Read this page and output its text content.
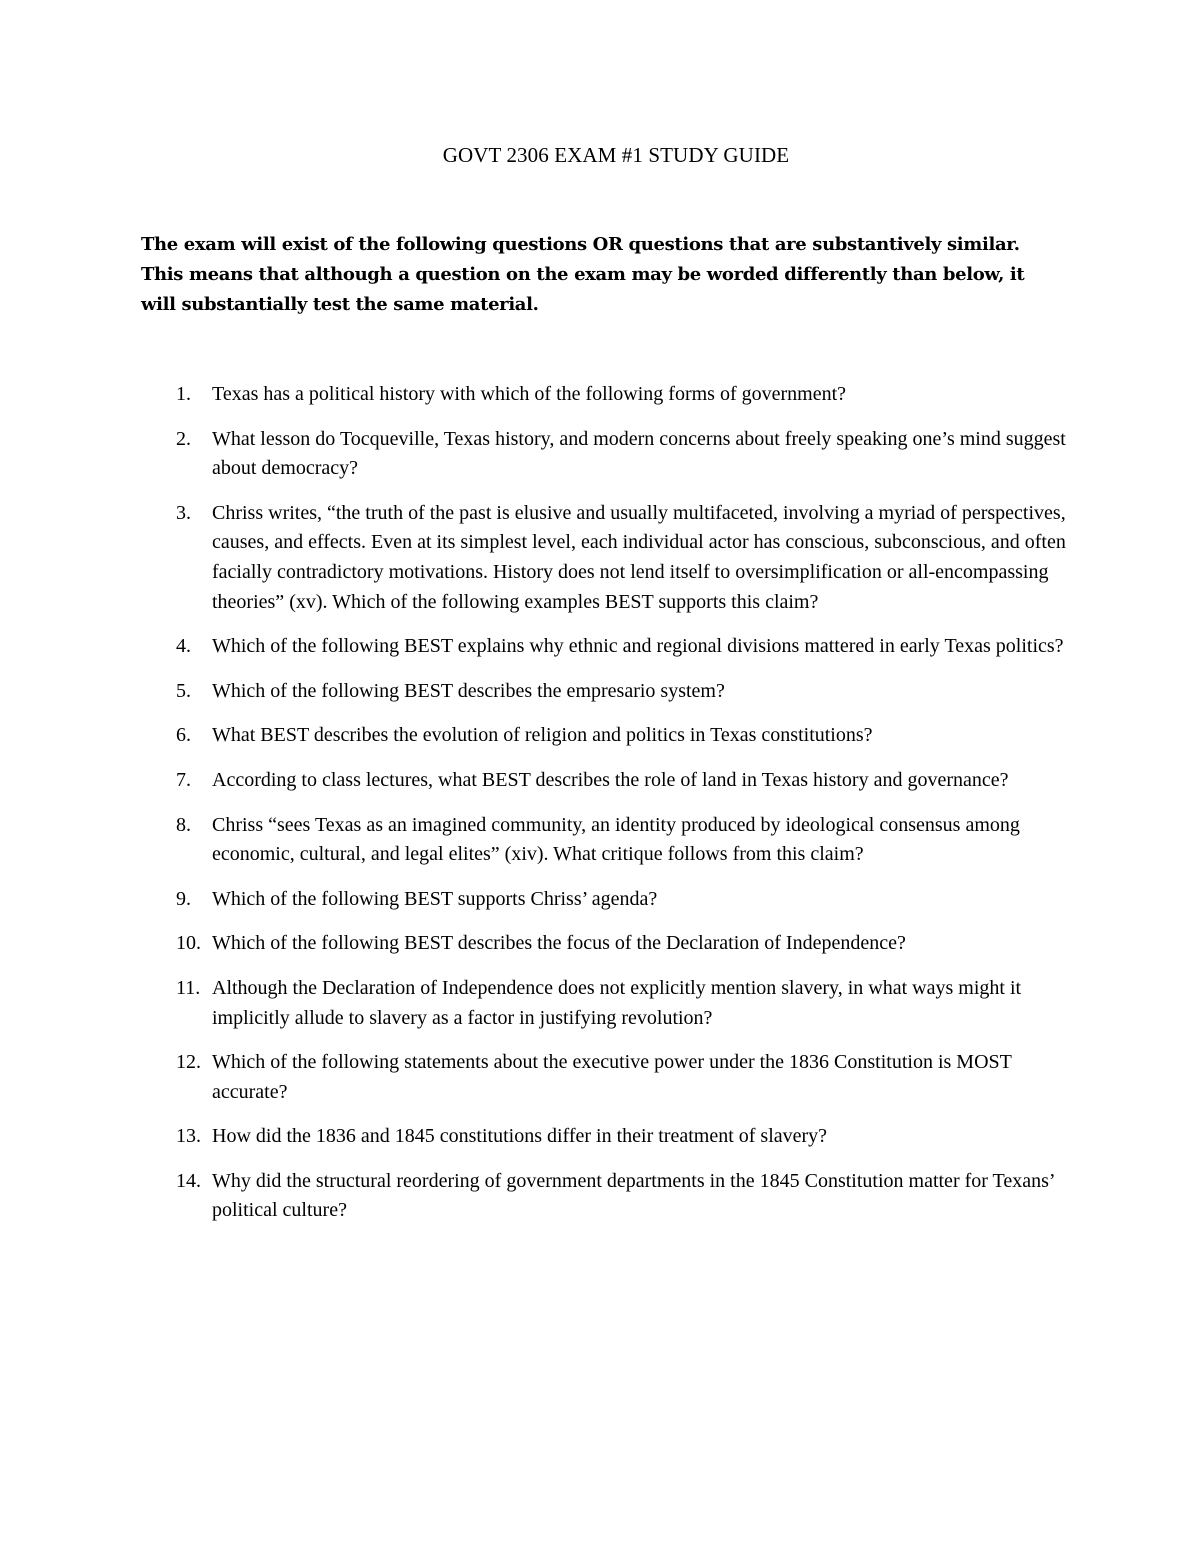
GOVT 2306 EXAM #1 STUDY GUIDE

The exam will exist of the following questions OR questions that are substantively similar. This means that although a question on the exam may be worded differently than below, it will substantially test the same material.

1. Texas has a political history with which of the following forms of government?
2. What lesson do Tocqueville, Texas history, and modern concerns about freely speaking one’s mind suggest about democracy?
3. Chriss writes, “the truth of the past is elusive and usually multifaceted, involving a myriad of perspectives, causes, and effects. Even at its simplest level, each individual actor has conscious, subconscious, and often facially contradictory motivations. History does not lend itself to oversimplification or all-encompassing theories” (xv). Which of the following examples BEST supports this claim?
4. Which of the following BEST explains why ethnic and regional divisions mattered in early Texas politics?
5. Which of the following BEST describes the empresario system?
6. What BEST describes the evolution of religion and politics in Texas constitutions?
7. According to class lectures, what BEST describes the role of land in Texas history and governance?
8. Chriss “sees Texas as an imagined community, an identity produced by ideological consensus among economic, cultural, and legal elites” (xiv). What critique follows from this claim?
9. Which of the following BEST supports Chriss’ agenda?
10. Which of the following BEST describes the focus of the Declaration of Independence?
11. Although the Declaration of Independence does not explicitly mention slavery, in what ways might it implicitly allude to slavery as a factor in justifying revolution?
12. Which of the following statements about the executive power under the 1836 Constitution is MOST accurate?
13. How did the 1836 and 1845 constitutions differ in their treatment of slavery?
14. Why did the structural reordering of government departments in the 1845 Constitution matter for Texans’ political culture?
